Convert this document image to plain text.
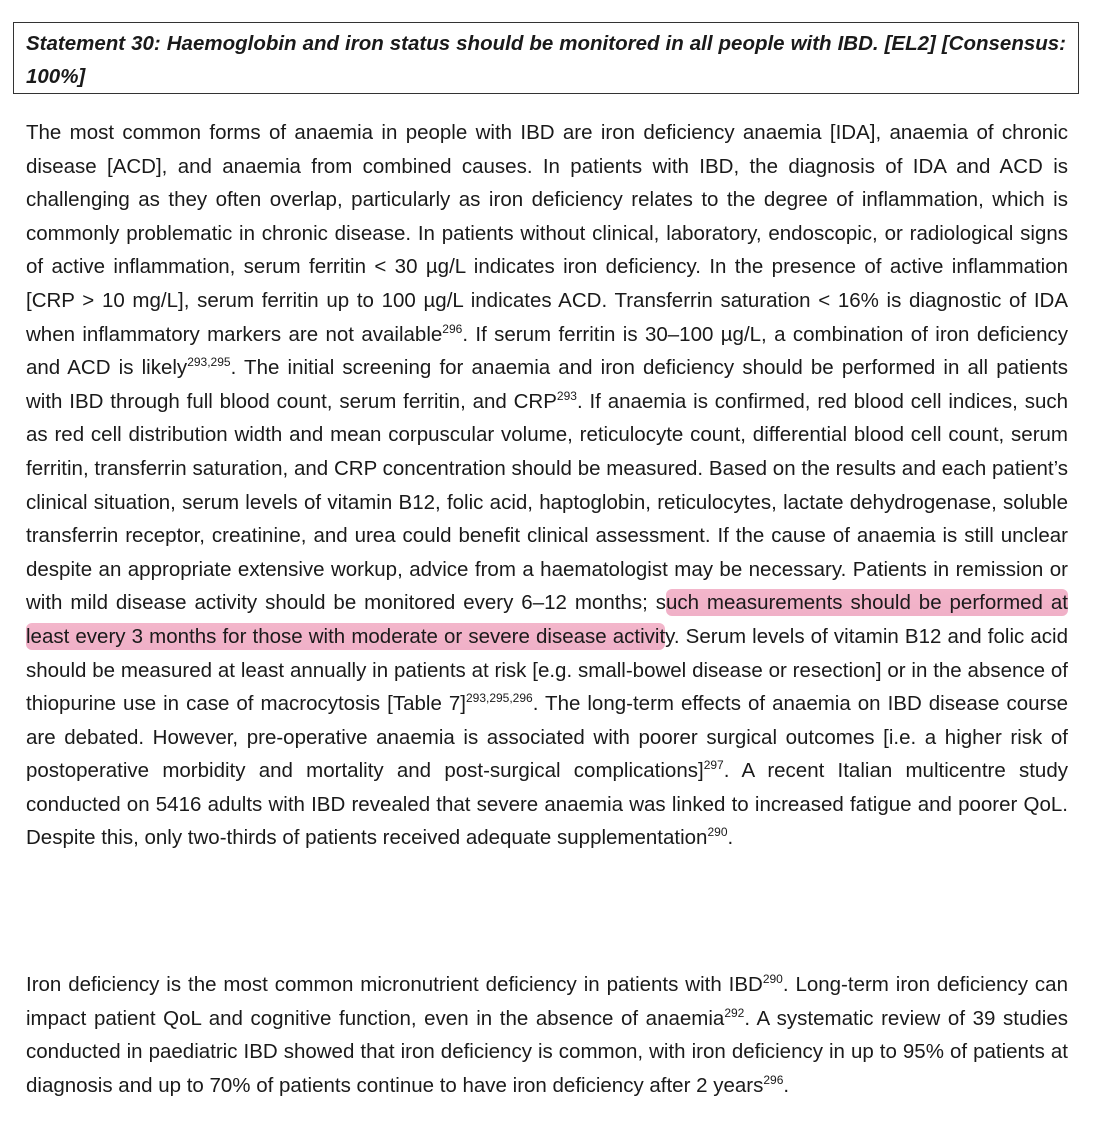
Statement 30: Haemoglobin and iron status should be monitored in all people with IBD. [EL2] [Consensus: 100%]

The most common forms of anaemia in people with IBD are iron deficiency anaemia [IDA], anaemia of chronic disease [ACD], and anaemia from combined causes. In patients with IBD, the diagnosis of IDA and ACD is challenging as they often overlap, particularly as iron deficiency relates to the degree of inflammation, which is commonly problematic in chronic disease. In patients without clinical, laboratory, endoscopic, or radiological signs of active inflammation, serum ferritin < 30 µg/L indicates iron deficiency. In the presence of active inflammation [CRP > 10 mg/L], serum ferritin up to 100 µg/L indicates ACD. Transferrin saturation < 16% is diagnostic of IDA when inflammatory markers are not available$^{296}$. If serum ferritin is 30–100 µg/L, a combination of iron deficiency and ACD is likely$^{293,295}$. The initial screening for anaemia and iron deficiency should be performed in all patients with IBD through full blood count, serum ferritin, and CRP$^{293}$. If anaemia is confirmed, red blood cell indices, such as red cell distribution width and mean corpuscular volume, reticulocyte count, differential blood cell count, serum ferritin, transferrin saturation, and CRP concentration should be measured. Based on the results and each patient’s clinical situation, serum levels of vitamin B12, folic acid, haptoglobin, reticulocytes, lactate dehydrogenase, soluble transferrin receptor, creatinine, and urea could benefit clinical assessment. If the cause of anaemia is still unclear despite an appropriate extensive workup, advice from a haematologist may be necessary. Patients in remission or with mild disease activity should be monitored every 6–12 months; such measurements should be performed at least every 3 months for those with moderate or severe disease activity. Serum levels of vitamin B12 and folic acid should be measured at least annually in patients at risk [e.g. small-bowel disease or resection] or in the absence of thiopurine use in case of macrocytosis [Table 7]$^{293,295,296}$. The long-term effects of anaemia on IBD disease course are debated. However, pre-operative anaemia is associated with poorer surgical outcomes [i.e. a higher risk of postoperative morbidity and mortality and post-surgical complications]$^{297}$. A recent Italian multicentre study conducted on 5416 adults with IBD revealed that severe anaemia was linked to increased fatigue and poorer QoL. Despite this, only two-thirds of patients received adequate supplementation$^{290}$.

Iron deficiency is the most common micronutrient deficiency in patients with IBD$^{290}$. Long-term iron deficiency can impact patient QoL and cognitive function, even in the absence of anaemia$^{292}$. A systematic review of 39 studies conducted in paediatric IBD showed that iron deficiency is common, with iron deficiency in up to 95% of patients at diagnosis and up to 70% of patients continue to have iron deficiency after 2 years$^{296}$.
